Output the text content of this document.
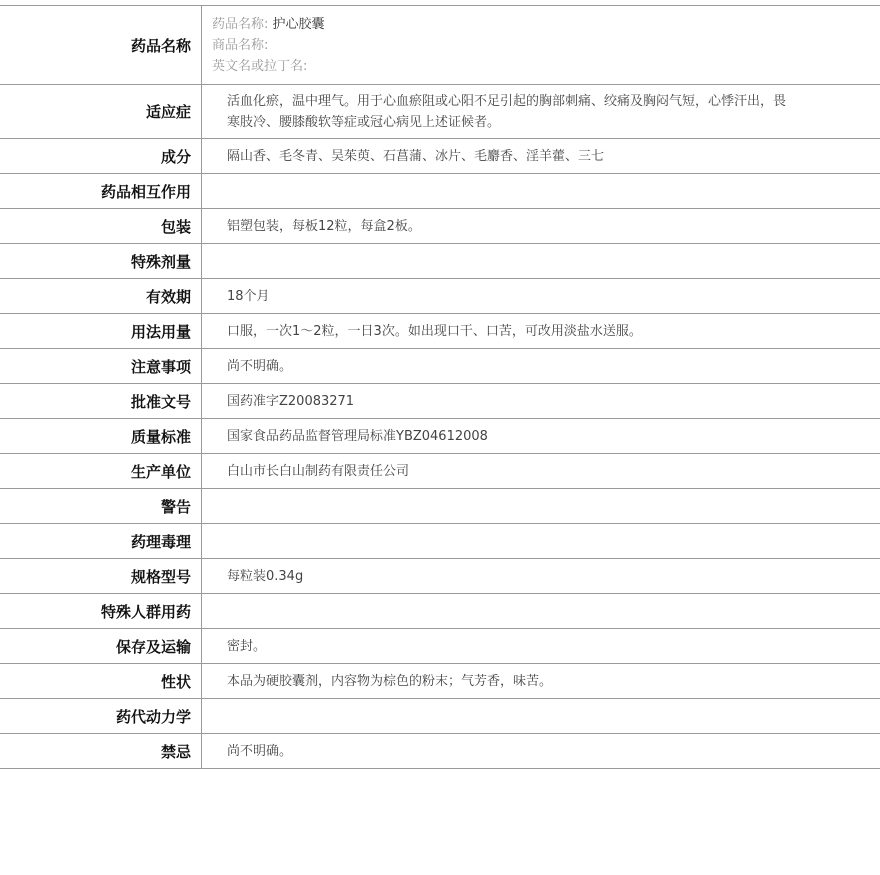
药品名称	药品名称: 护心胶囊
商品名称:
英文名或拉丁名:

适应症	活血化瘀，温中理气。用于心血瘀阻或心阳不足引起的胸部刺痛、绞痛及胸闷气短，心悸汗出，畏寒肢冷、腰膝酸软等症或冠心病见上述证候者。
成分	隔山香、毛冬青、吴茱萸、石菖蒲、冰片、毛麝香、淫羊藿、三七
药品相互作用	
包装	铝塑包装，每板12粒，每盒2板。
特殊剂量	
有效期	18个月
用法用量	口服，一次1～2粒，一日3次。如出现口干、口苦，可改用淡盐水送服。
注意事项	尚不明确。
批准文号	国药准字Z20083271
质量标准	国家食品药品监督管理局标准YBZ04612008
生产单位	白山市长白山制药有限责任公司
警告	
药理毒理	
规格型号	每粒装0.34g
特殊人群用药	
保存及运输	密封。
性状	本品为硬胶囊剂，内容物为棕色的粉末；气芳香，味苦。
药代动力学	
禁忌	尚不明确。
